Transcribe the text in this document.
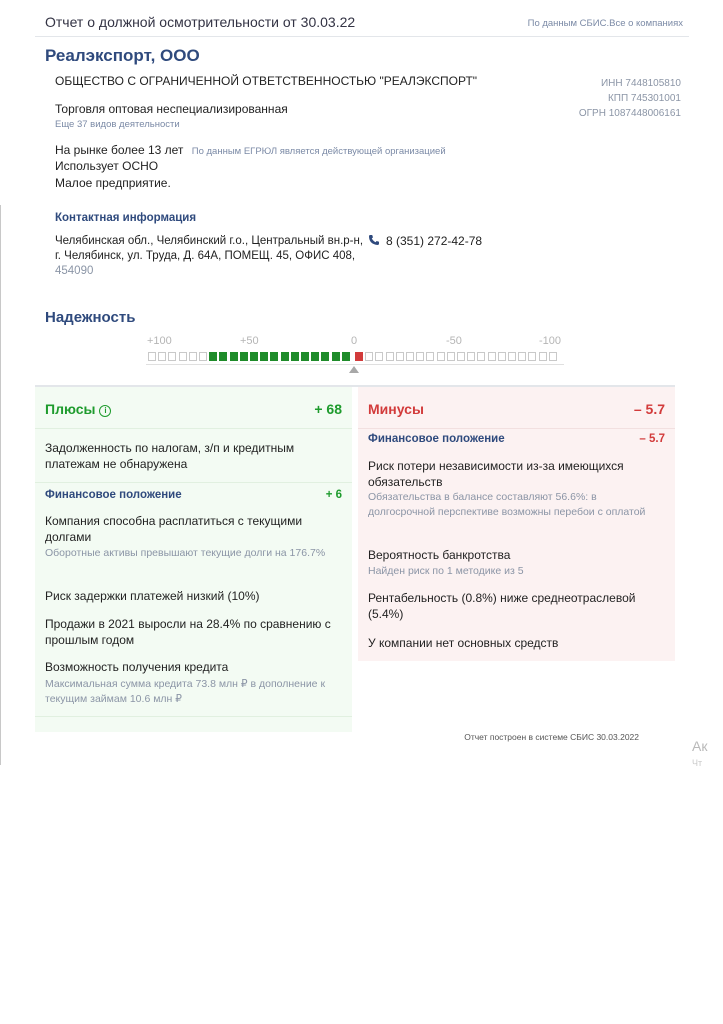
Отчет о должной осмотрительности от 30.03.22	По данным СБИС.Все о компаниях
Реалэкспорт, ООО
ОБЩЕСТВО С ОГРАНИЧЕННОЙ ОТВЕТСТВЕННОСТЬЮ "РЕАЛЭКСПОРТ"	ИНН 7448105810
КПП 745301001
ОГРН 1087448006161
Торговля оптовая неспециализированная
Еще 37 видов деятельности
На рынке более 13 лет По данным ЕГРЮЛ является действующей организацией
Использует ОСНО
Малое предприятие.
Контактная информация
Челябинская обл., Челябинский г.о., Центральный вн.р-н,
г. Челябинск, ул. Труда, Д. 64А, ПОМЕЩ. 45, ОФИС 408,
454090
8 (351) 272-42-78
Надежность
+100	+50	0	-50	-100
Плюсы i	+ 68
Задолженность по налогам, з/п и кредитным платежам не обнаружена
Финансовое положение	+ 6
Компания способна расплатиться с текущими долгами
Оборотные активы превышают текущие долги на 176.7%
Риск задержки платежей низкий (10%)
Продажи в 2021 выросли на 28.4% по сравнению с прошлым годом
Возможность получения кредита
Максимальная сумма кредита 73.8 млн ₽ в дополнение к текущим займам 10.6 млн ₽
Минусы	– 5.7
Финансовое положение	– 5.7
Риск потери независимости из-за имеющихся обязательств
Обязательства в балансе составляют 56.6%: в долгосрочной перспективе возможны перебои с оплатой
Вероятность банкротства
Найден риск по 1 методике из 5
Рентабельность (0.8%) ниже среднеотраслевой (5.4%)
У компании нет основных средств
Отчет построен в системе СБИС 30.03.2022
Ак
Чт
